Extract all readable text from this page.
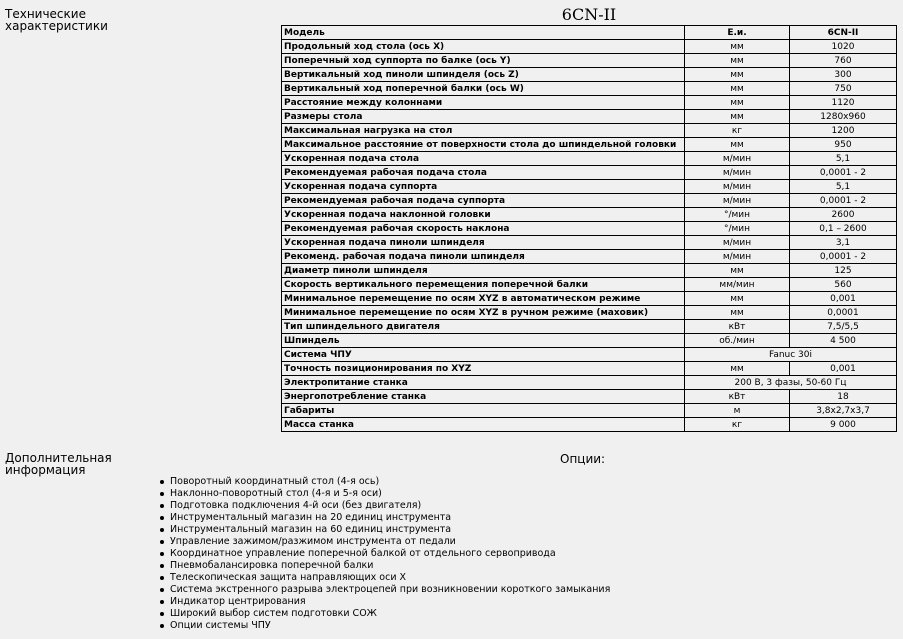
Технические
характеристики
6CN-II
Модель	Е.и.	6CN-II
Продольный ход стола (ось X)	мм	1020
Поперечный ход суппорта по балке (ось Y)	мм	760
Вертикальный ход пиноли шпинделя (ось Z)	мм	300
Вертикальный ход поперечной балки (ось W)	мм	750
Расстояние между колоннами	мм	1120
Размеры стола	мм	1280x960
Максимальная нагрузка на стол	кг	1200
Максимальное расстояние от поверхности стола до шпиндельной головки	мм	950
Ускоренная подача стола	м/мин	5,1
Рекомендуемая рабочая подача стола	м/мин	0,0001 - 2
Ускоренная подача суппорта	м/мин	5,1
Рекомендуемая рабочая подача суппорта	м/мин	0,0001 - 2
Ускоренная подача наклонной головки	°/мин	2600
Рекомендуемая рабочая скорость наклона	°/мин	0,1 – 2600
Ускоренная подача пиноли шпинделя	м/мин	3,1
Рекоменд. рабочая подача пиноли шпинделя	м/мин	0,0001 - 2
Диаметр пиноли шпинделя	мм	125
Скорость вертикального перемещения поперечной балки	мм/мин	560
Минимальное перемещение по осям XYZ в автоматическом режиме	мм	0,001
Минимальное перемещение по осям XYZ в ручном режиме (маховик)	мм	0,0001
Тип шпиндельного двигателя	кВт	7,5/5,5
Шпиндель	об./мин	4 500
Система ЧПУ	Fanuc 30i	
Точность позиционирования по XYZ	мм	0,001
Электропитание станка	200 В, 3 фазы, 50-60 Гц	
Энергопотребление станка	кВт	18
Габариты	м	3,8x2,7x3,7
Масса станка	кг	9 000
Дополнительная
информация
Опции:
Поворотный координатный стол (4-я ось)
Наклонно-поворотный стол (4-я и 5-я оси)
Подготовка подключения 4-й оси (без двигателя)
Инструментальный магазин на 20 единиц инструмента
Инструментальный магазин на 60 единиц инструмента
Управление зажимом/разжимом инструмента от педали
Координатное управление поперечной балкой от отдельного сервопривода
Пневмобалансировка поперечной балки
Телескопическая защита направляющих оси X
Система экстренного разрыва электроцепей при возникновении короткого замыкания
Индикатор центрирования
Широкий выбор систем подготовки СОЖ
Опции системы ЧПУ
